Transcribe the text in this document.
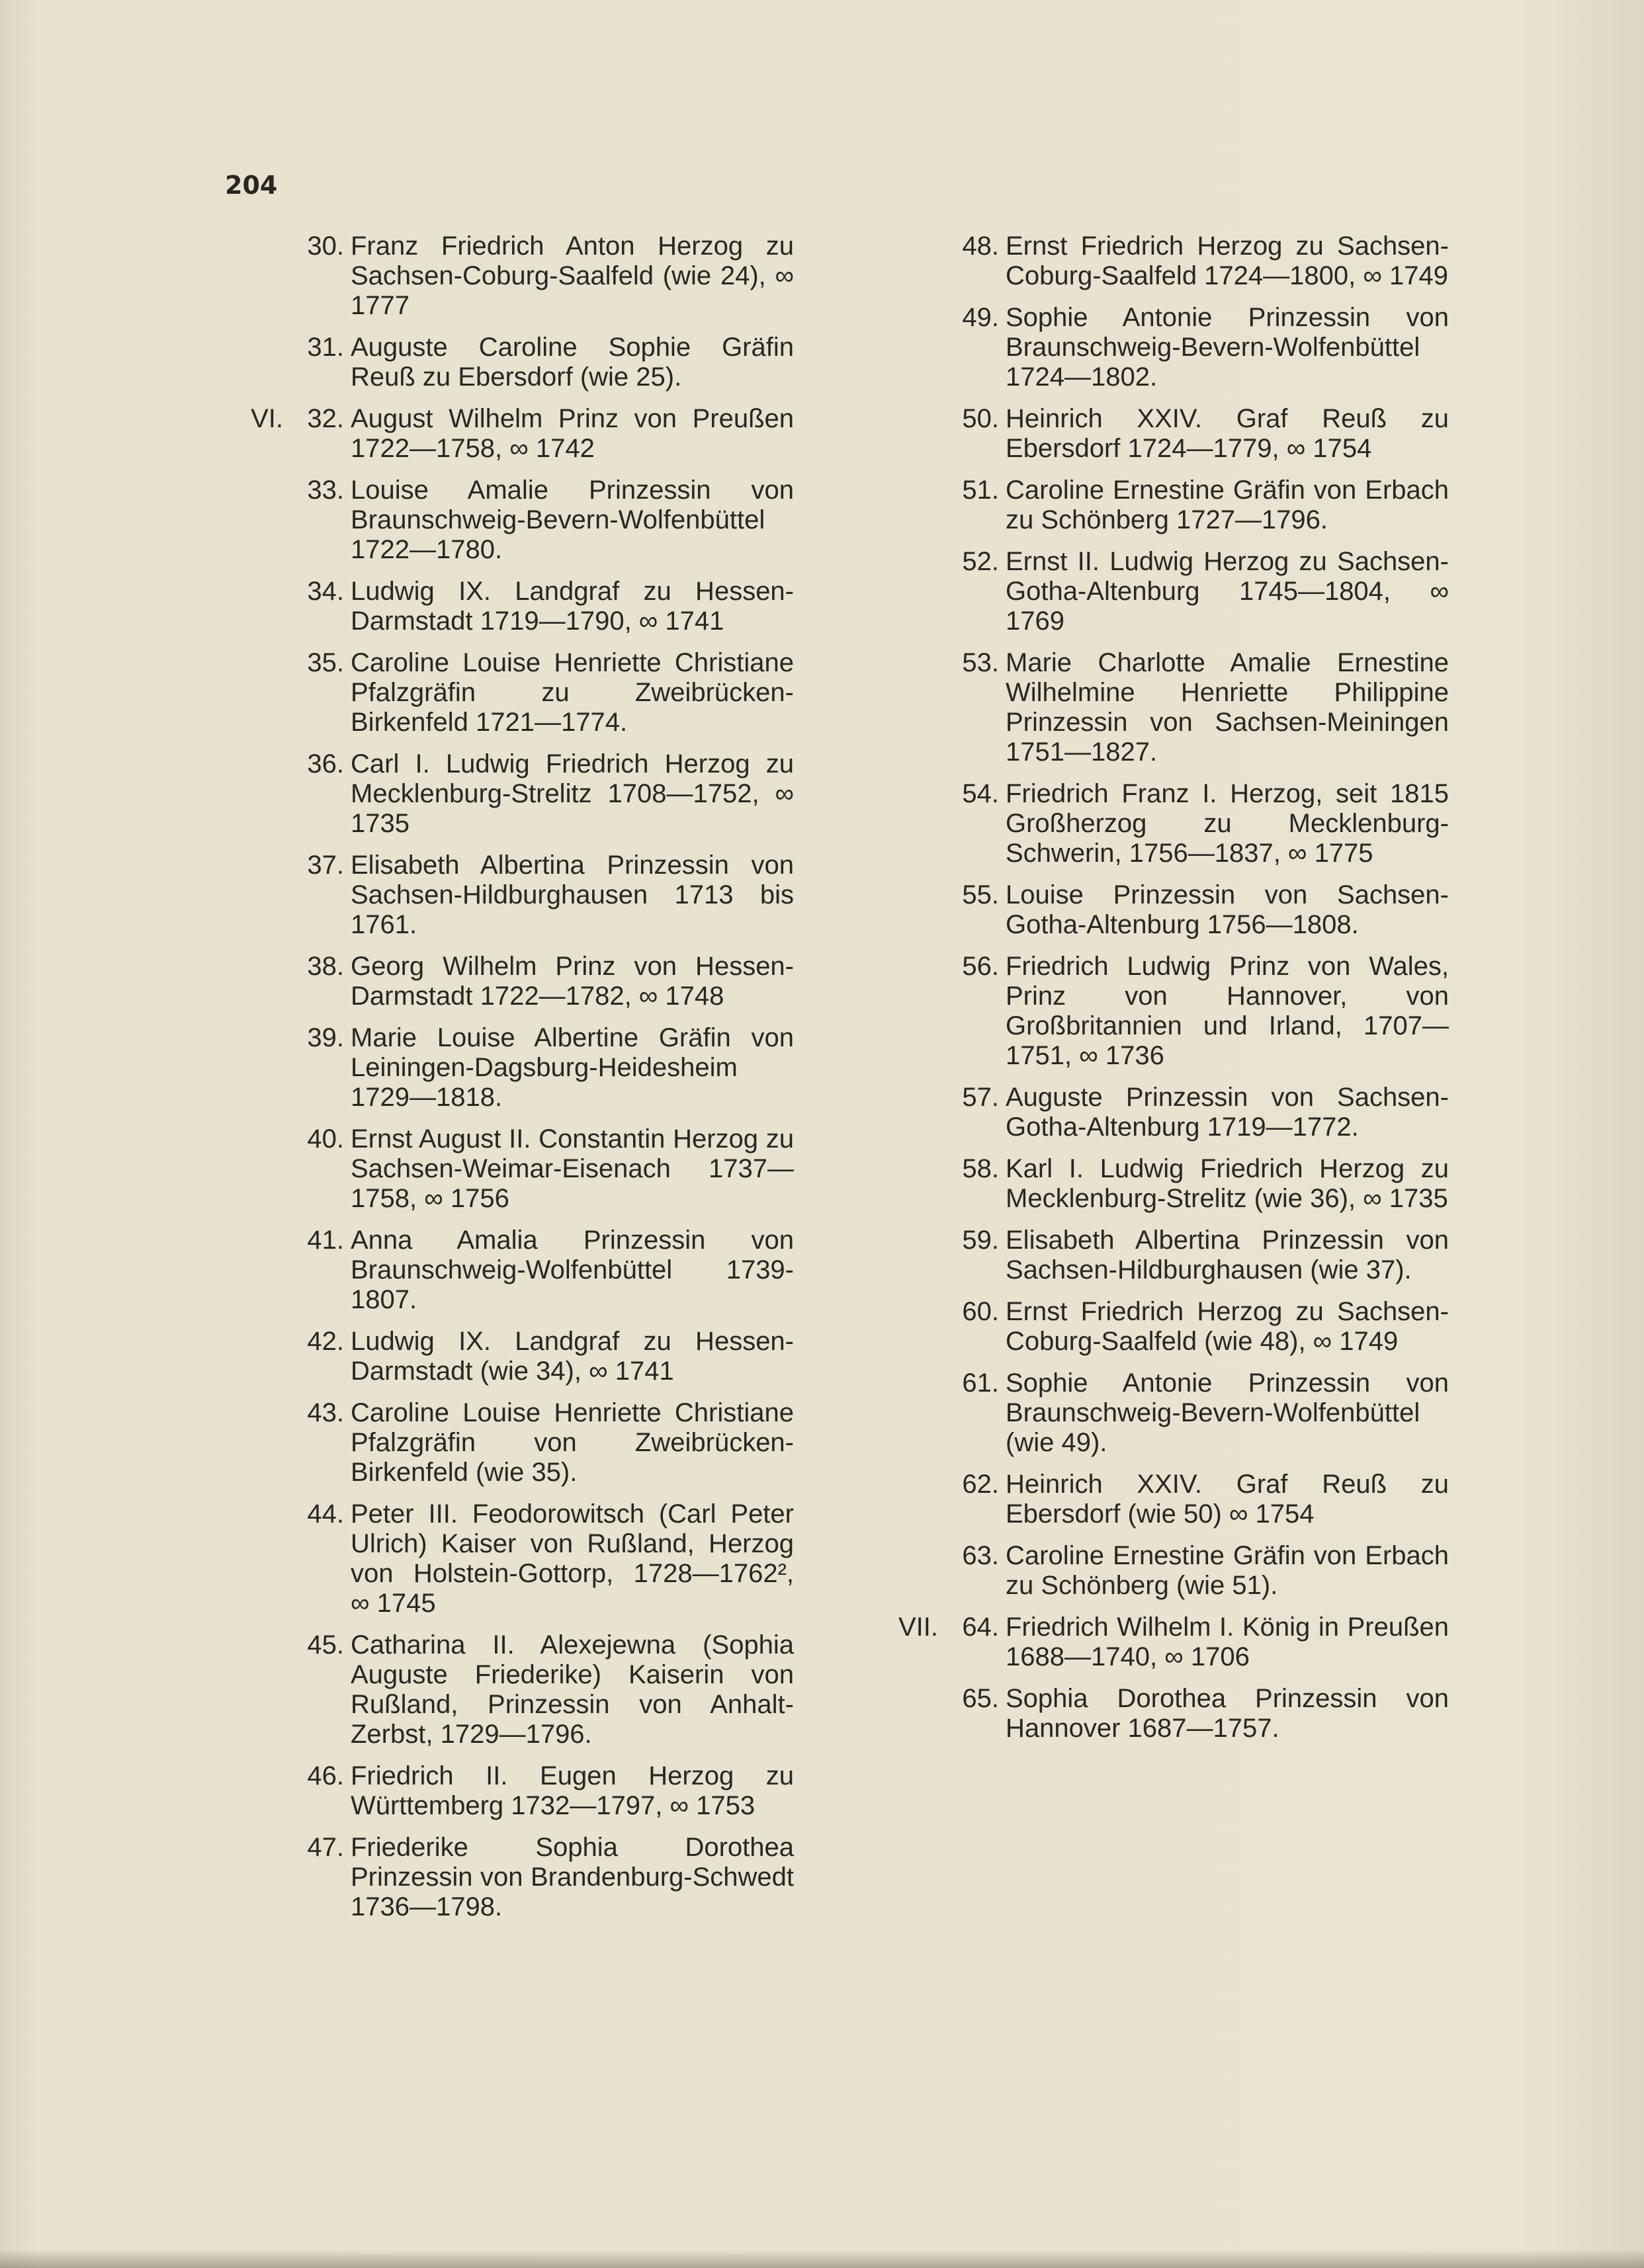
204
30. Franz Friedrich Anton Herzog zu Sachsen-Coburg-Saalfeld (wie 24), ∞ 1777
31. Auguste Caroline Sophie Gräfin Reuß zu Ebersdorf (wie 25).
VI. 32. August Wilhelm Prinz von Preußen 1722—1758, ∞ 1742
33. Louise Amalie Prinzessin von Braunschweig-Bevern-Wolfenbüttel 1722—1780.
34. Ludwig IX. Landgraf zu Hessen-Darmstadt 1719—1790, ∞ 1741
35. Caroline Louise Henriette Christiane Pfalzgräfin zu Zweibrücken-Birkenfeld 1721—1774.
36. Carl I. Ludwig Friedrich Herzog zu Mecklenburg-Strelitz 1708—1752, ∞ 1735
37. Elisabeth Albertina Prinzessin von Sachsen-Hildburghausen 1713 bis 1761.
38. Georg Wilhelm Prinz von Hessen-Darmstadt 1722—1782, ∞ 1748
39. Marie Louise Albertine Gräfin von Leiningen-Dagsburg-Heidesheim 1729—1818.
40. Ernst August II. Constantin Herzog zu Sachsen-Weimar-Eisenach 1737—1758, ∞ 1756
41. Anna Amalia Prinzessin von Braunschweig-Wolfenbüttel 1739-1807.
42. Ludwig IX. Landgraf zu Hessen-Darmstadt (wie 34), ∞ 1741
43. Caroline Louise Henriette Christiane Pfalzgräfin von Zweibrücken-Birkenfeld (wie 35).
44. Peter III. Feodorowitsch (Carl Peter Ulrich) Kaiser von Rußland, Herzog von Holstein-Gottorp, 1728—1762², ∞ 1745
45. Catharina II. Alexejewna (Sophia Auguste Friederike) Kaiserin von Rußland, Prinzessin von Anhalt-Zerbst, 1729—1796.
46. Friedrich II. Eugen Herzog zu Württemberg 1732—1797, ∞ 1753
47. Friederike Sophia Dorothea Prinzessin von Brandenburg-Schwedt 1736—1798.
48. Ernst Friedrich Herzog zu Sachsen-Coburg-Saalfeld 1724—1800, ∞ 1749
49. Sophie Antonie Prinzessin von Braunschweig-Bevern-Wolfenbüttel 1724—1802.
50. Heinrich XXIV. Graf Reuß zu Ebersdorf 1724—1779, ∞ 1754
51. Caroline Ernestine Gräfin von Erbach zu Schönberg 1727—1796.
52. Ernst II. Ludwig Herzog zu Sachsen-Gotha-Altenburg 1745—1804, ∞ 1769
53. Marie Charlotte Amalie Ernestine Wilhelmine Henriette Philippine Prinzessin von Sachsen-Meiningen 1751—1827.
54. Friedrich Franz I. Herzog, seit 1815 Großherzog zu Mecklenburg-Schwerin, 1756—1837, ∞ 1775
55. Louise Prinzessin von Sachsen-Gotha-Altenburg 1756—1808.
56. Friedrich Ludwig Prinz von Wales, Prinz von Hannover, von Großbritannien und Irland, 1707—1751, ∞ 1736
57. Auguste Prinzessin von Sachsen-Gotha-Altenburg 1719—1772.
58. Karl I. Ludwig Friedrich Herzog zu Mecklenburg-Strelitz (wie 36), ∞ 1735
59. Elisabeth Albertina Prinzessin von Sachsen-Hildburghausen (wie 37).
60. Ernst Friedrich Herzog zu Sachsen-Coburg-Saalfeld (wie 48), ∞ 1749
61. Sophie Antonie Prinzessin von Braunschweig-Bevern-Wolfenbüttel (wie 49).
62. Heinrich XXIV. Graf Reuß zu Ebersdorf (wie 50) ∞ 1754
63. Caroline Ernestine Gräfin von Erbach zu Schönberg (wie 51).
VII. 64. Friedrich Wilhelm I. König in Preußen 1688—1740, ∞ 1706
65. Sophia Dorothea Prinzessin von Hannover 1687—1757.
